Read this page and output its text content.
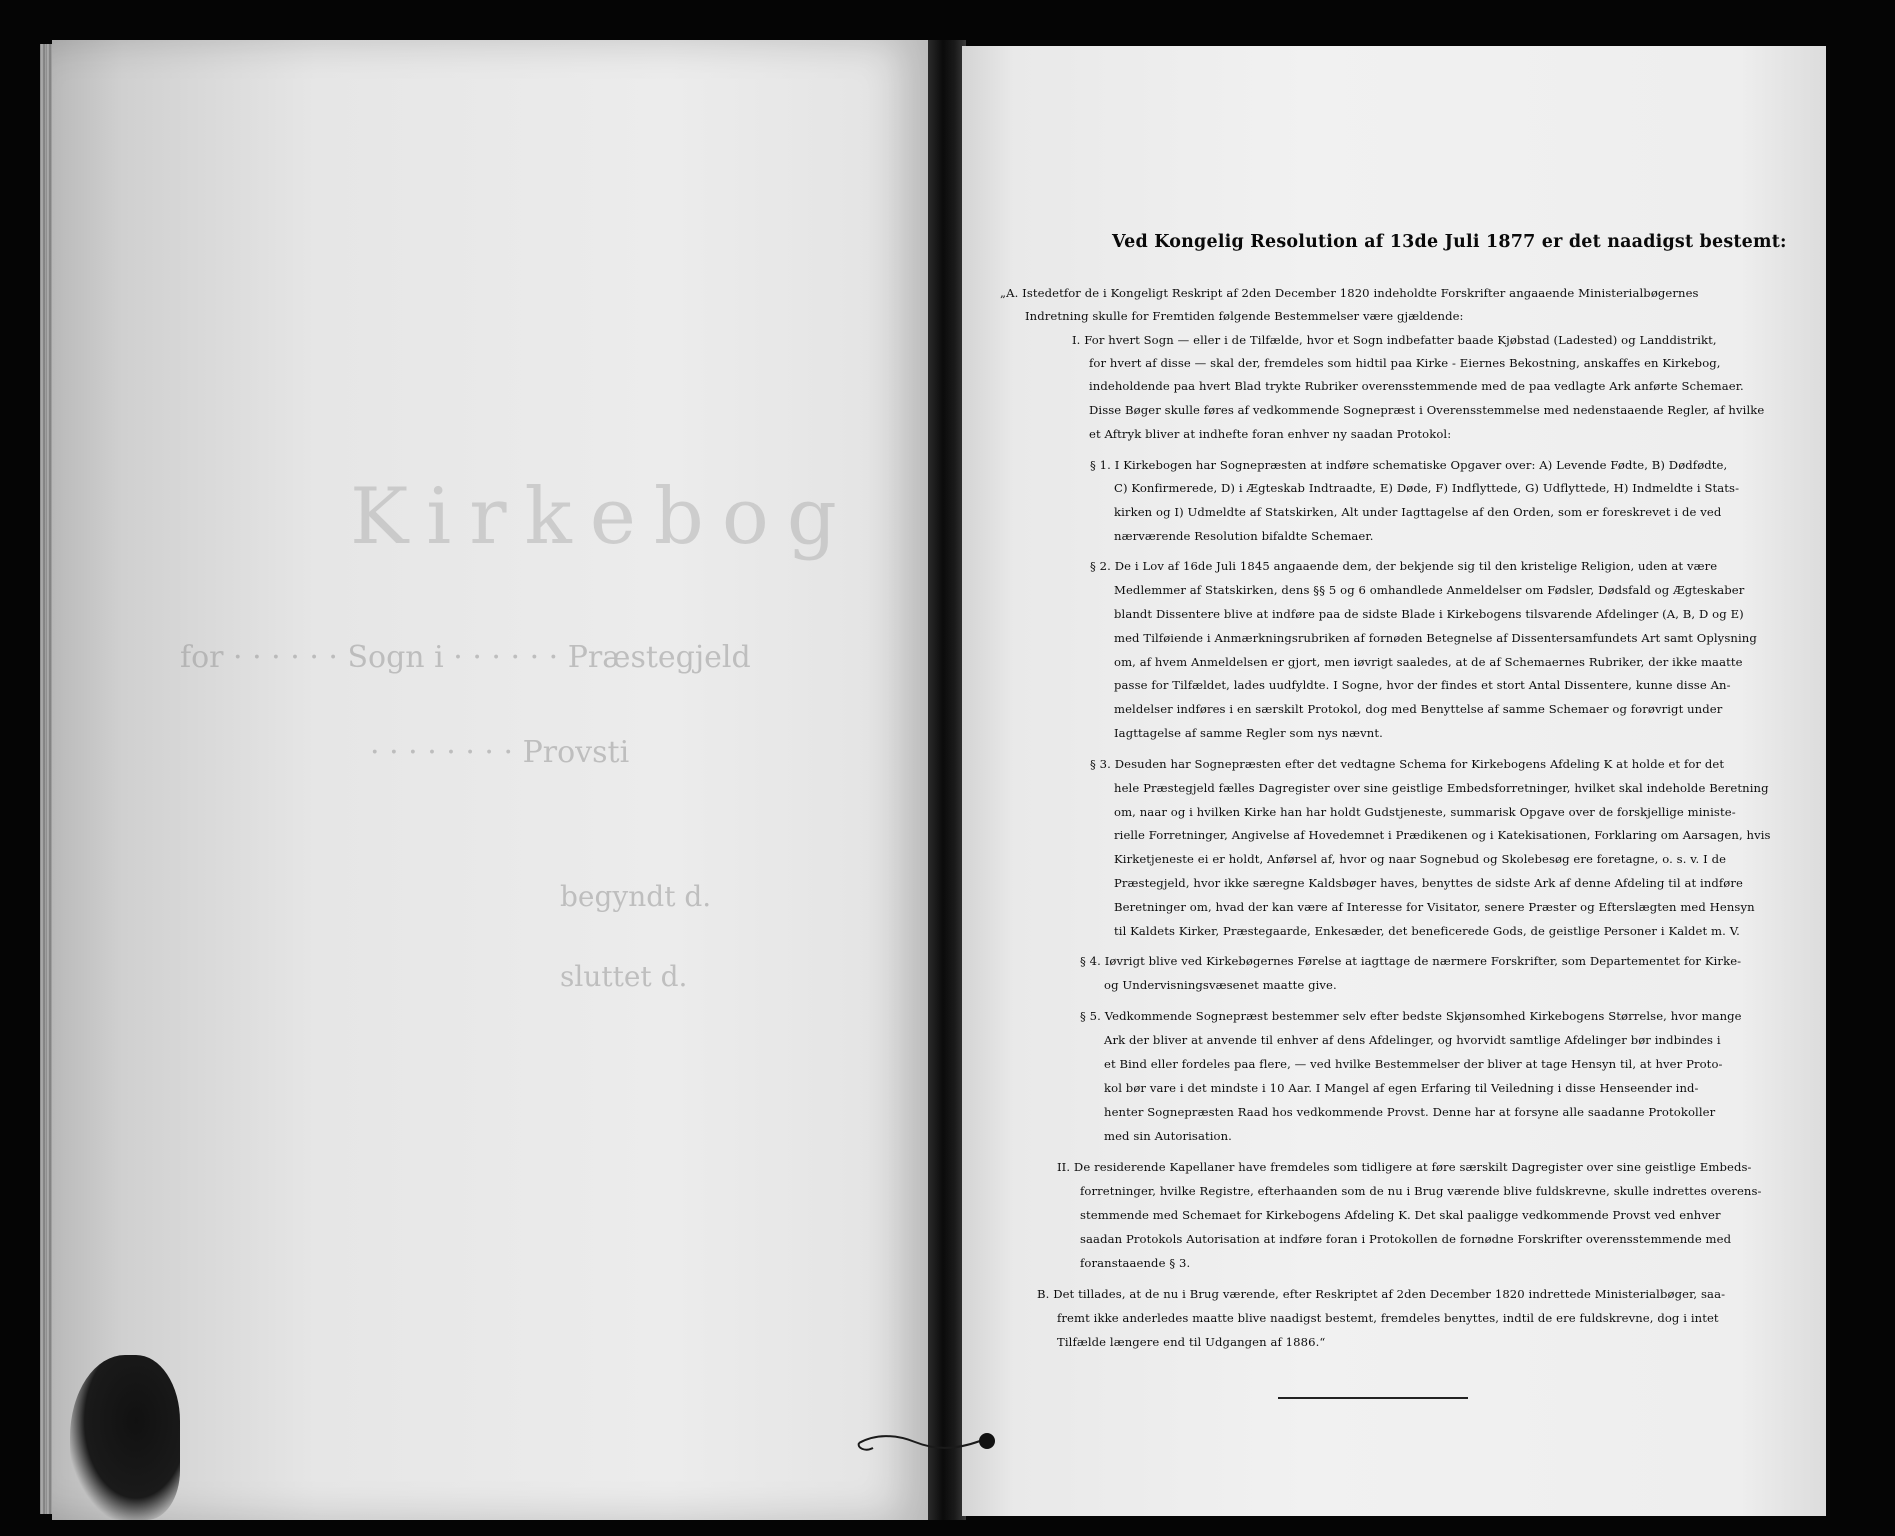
Kirkebog
for · · · · · · Sogn i · · · · · · Præstegjeld
· · · · · · · · Provsti
begyndt d.
sluttet d.
Ved Kongelig Resolution af 13de Juli 1877 er det naadigst bestemt:
„A. Istedetfor de i Kongeligt Reskript af 2den December 1820 indeholdte Forskrifter angaaende Ministerialbøgernes
Indretning skulle for Fremtiden følgende Bestemmelser være gjældende:
I. For hvert Sogn — eller i de Tilfælde, hvor et Sogn indbefatter baade Kjøbstad (Ladested) og Landdistrikt,
for hvert af disse — skal der, fremdeles som hidtil paa Kirke - Eiernes Bekostning, anskaffes en Kirkebog,
indeholdende paa hvert Blad trykte Rubriker overensstemmende med de paa vedlagte Ark anførte Schemaer.
Disse Bøger skulle føres af vedkommende Sognepræst i Overensstemmelse med nedenstaaende Regler, af hvilke
et Aftryk bliver at indhefte foran enhver ny saadan Protokol:
§ 1. I Kirkebogen har Sognepræsten at indføre schematiske Opgaver over: A) Levende Fødte, B) Dødfødte,
C) Konfirmerede, D) i Ægteskab Indtraadte, E) Døde, F) Indflyttede, G) Udflyttede, H) Indmeldte i Stats-
kirken og I) Udmeldte af Statskirken, Alt under Iagttagelse af den Orden, som er foreskrevet i de ved
nærværende Resolution bifaldte Schemaer.
§ 2. De i Lov af 16de Juli 1845 angaaende dem, der bekjende sig til den kristelige Religion, uden at være
Medlemmer af Statskirken, dens §§ 5 og 6 omhandlede Anmeldelser om Fødsler, Dødsfald og Ægteskaber
blandt Dissentere blive at indføre paa de sidste Blade i Kirkebogens tilsvarende Afdelinger (A, B, D og E)
med Tilføiende i Anmærkningsrubriken af fornøden Betegnelse af Dissentersamfundets Art samt Oplysning
om, af hvem Anmeldelsen er gjort, men iøvrigt saaledes, at de af Schemaernes Rubriker, der ikke maatte
passe for Tilfældet, lades uudfyldte. I Sogne, hvor der findes et stort Antal Dissentere, kunne disse An-
meldelser indføres i en særskilt Protokol, dog med Benyttelse af samme Schemaer og forøvrigt under
Iagttagelse af samme Regler som nys nævnt.
§ 3. Desuden har Sognepræsten efter det vedtagne Schema for Kirkebogens Afdeling K at holde et for det
hele Præstegjeld fælles Dagregister over sine geistlige Embedsforretninger, hvilket skal indeholde Beretning
om, naar og i hvilken Kirke han har holdt Gudstjeneste, summarisk Opgave over de forskjellige ministe-
rielle Forretninger, Angivelse af Hovedemnet i Prædikenen og i Katekisationen, Forklaring om Aarsagen, hvis
Kirketjeneste ei er holdt, Anførsel af, hvor og naar Sognebud og Skolebesøg ere foretagne, o. s. v. I de
Præstegjeld, hvor ikke særegne Kaldsbøger haves, benyttes de sidste Ark af denne Afdeling til at indføre
Beretninger om, hvad der kan være af Interesse for Visitator, senere Præster og Efterslægten med Hensyn
til Kaldets Kirker, Præstegaarde, Enkesæder, det beneficerede Gods, de geistlige Personer i Kaldet m. V.
§ 4. Iøvrigt blive ved Kirkebøgernes Førelse at iagttage de nærmere Forskrifter, som Departementet for Kirke-
og Undervisningsvæsenet maatte give.
§ 5. Vedkommende Sognepræst bestemmer selv efter bedste Skjønsomhed Kirkebogens Størrelse, hvor mange
Ark der bliver at anvende til enhver af dens Afdelinger, og hvorvidt samtlige Afdelinger bør indbindes i
et Bind eller fordeles paa flere, — ved hvilke Bestemmelser der bliver at tage Hensyn til, at hver Proto-
kol bør vare i det mindste i 10 Aar. I Mangel af egen Erfaring til Veiledning i disse Henseender ind-
henter Sognepræsten Raad hos vedkommende Provst. Denne har at forsyne alle saadanne Protokoller
med sin Autorisation.
II. De residerende Kapellaner have fremdeles som tidligere at føre særskilt Dagregister over sine geistlige Embeds-
forretninger, hvilke Registre, efterhaanden som de nu i Brug værende blive fuldskrevne, skulle indrettes overens-
stemmende med Schemaet for Kirkebogens Afdeling K. Det skal paaligge vedkommende Provst ved enhver
saadan Protokols Autorisation at indføre foran i Protokollen de fornødne Forskrifter overensstemmende med
foranstaaende § 3.
B. Det tillades, at de nu i Brug værende, efter Reskriptet af 2den December 1820 indrettede Ministerialbøger, saa-
fremt ikke anderledes maatte blive naadigst bestemt, fremdeles benyttes, indtil de ere fuldskrevne, dog i intet
Tilfælde længere end til Udgangen af 1886.“
